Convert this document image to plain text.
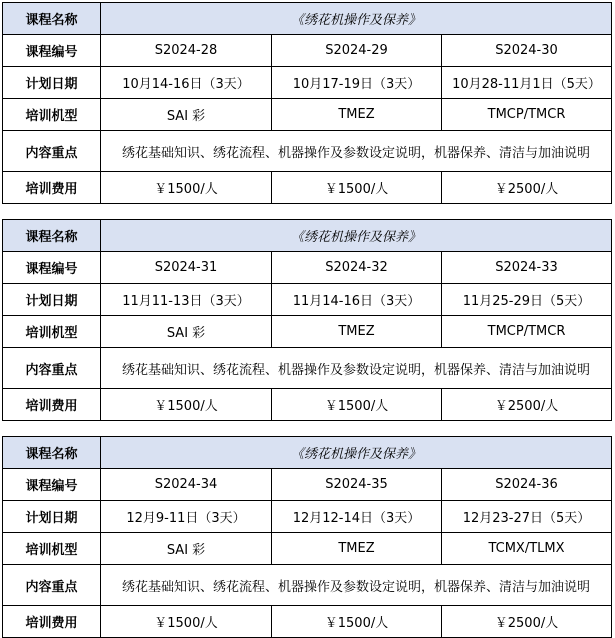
课程名称	《绣花机操作及保养》		
课程编号	S2024-28	S2024-29	S2024-30
计划日期	10月14-16日（3天）	10月17-19日（3天）	10月28-11月1日（5天）
培训机型	SAI 彩	TMEZ	TMCP/TMCR
内容重点	绣花基础知识、绣花流程、机器操作及参数设定说明，机器保养、清洁与加油说明		
培训费用	￥1500/人	￥1500/人	￥2500/人
课程名称	《绣花机操作及保养》		
课程编号	S2024-31	S2024-32	S2024-33
计划日期	11月11-13日（3天）	11月14-16日（3天）	11月25-29日（5天）
培训机型	SAI 彩	TMEZ	TMCP/TMCR
内容重点	绣花基础知识、绣花流程、机器操作及参数设定说明，机器保养、清洁与加油说明		
培训费用	￥1500/人	￥1500/人	￥2500/人
课程名称	《绣花机操作及保养》		
课程编号	S2024-34	S2024-35	S2024-36
计划日期	12月9-11日（3天）	12月12-14日（3天）	12月23-27日（5天）
培训机型	SAI 彩	TMEZ	TCMX/TLMX
内容重点	绣花基础知识、绣花流程、机器操作及参数设定说明，机器保养、清洁与加油说明		
培训费用	￥1500/人	￥1500/人	￥2500/人
